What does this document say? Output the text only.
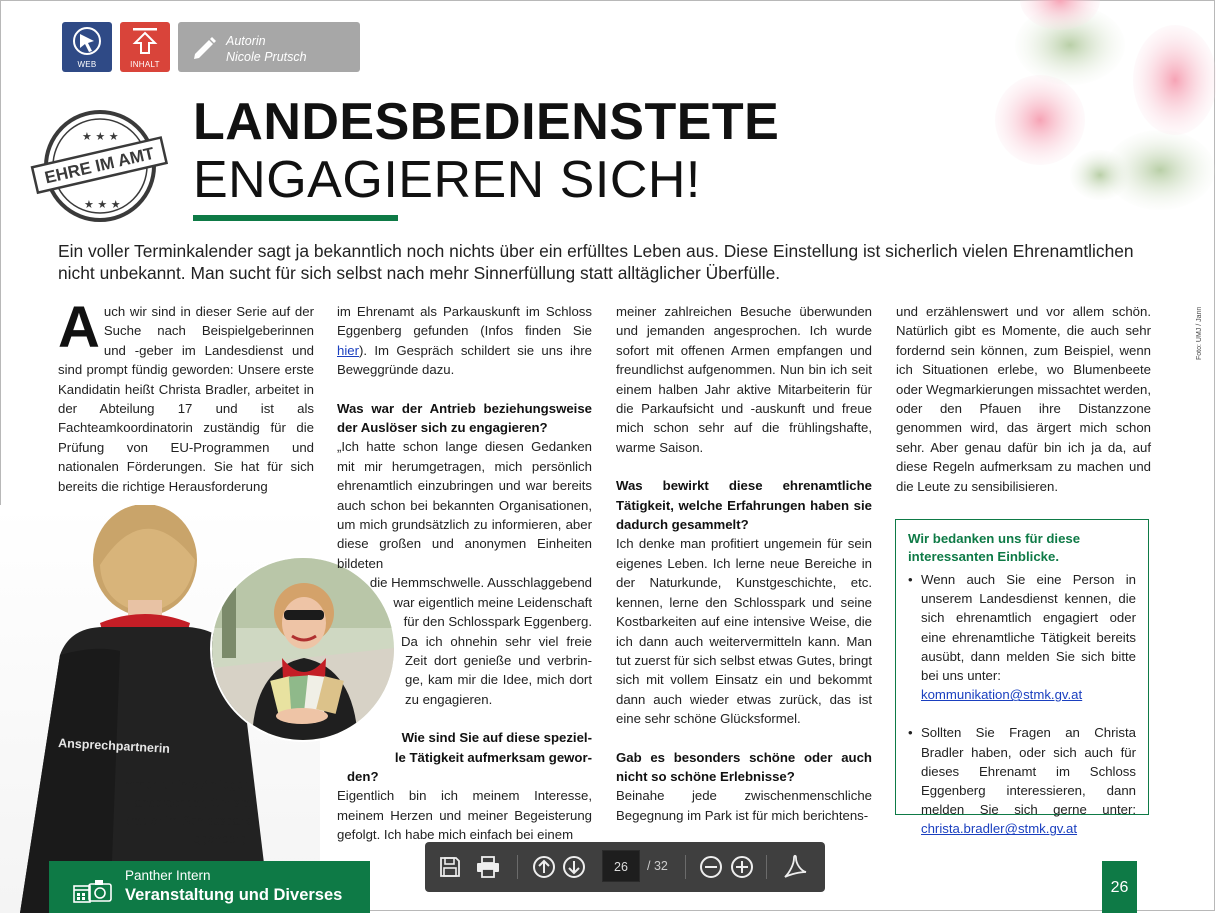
WEB	INHALT
Autorin
Nicole Prutsch
★ ★ ★
★ ★ ★
EHRE IM AMT
LANDESBEDIENSTETE
ENGAGIEREN SICH!
Ein voller Terminkalender sagt ja bekanntlich noch nichts über ein erfülltes Leben aus. Diese Einstellung ist sicherlich vielen Ehrenamtlichen nicht unbekannt. Man sucht für sich selbst nach mehr Sinnerfüllung statt alltäglicher Überfülle.
Foto: UMJ / Jann
A uch wir sind in dieser Serie auf der Suche nach Beispielgeberinnen und -geber im Landesdienst und sind prompt fündig geworden: Unsere erste Kandidatin heißt Christa Bradler, arbeitet in der Abteilung 17 und ist als Fachteamkoordinatorin zuständig für die Prüfung von EU-Programmen und nationalen Förderungen. Sie hat für sich bereits die richtige Herausforderung
Ansprechpartnerin
Immer für ihre Anliegen ansprechbar, Christa Bradler im Schlosspark Eggenberg.

im Ehrenamt als Parkauskunft im Schloss Eggenberg gefunden (Infos finden Sie hier). Im Gespräch schildert sie uns ihre Beweggründe dazu.

Was war der Antrieb beziehungsweise der Auslöser sich zu engagieren?

„Ich hatte schon lange diesen Gedanken mit mir herumgetragen, mich persönlich ehrenamtlich einzubringen und war bereits auch schon bei bekannten Organisationen, um mich grundsätzlich zu informieren, aber diese großen und anonymen Einheiten bildeten

die Hemmschwelle. Ausschlaggebend

war eigentlich meine Leidenschaft

für den Schlosspark Eggenberg.

Da ich ohnehin sehr viel freie

Zeit dort genieße und verbrin-

ge, kam mir die Idee, mich dort

zu engagieren.

Wie sind Sie auf diese speziel-
le Tätigkeit aufmerksam gewor-
den?

Eigentlich bin ich meinem Interesse, meinem Herzen und meiner Begeisterung gefolgt. Ich habe mich einfach bei einem

meiner zahlreichen Besuche überwunden und jemanden angesprochen. Ich wurde sofort mit offenen Armen empfangen und freundlichst aufgenommen. Nun bin ich seit einem halben Jahr aktive Mitarbeiterin für die Parkaufsicht und -auskunft und freue mich schon sehr auf die frühlingshafte, warme Saison.

Was bewirkt diese ehrenamtliche Tätigkeit, welche Erfahrungen haben sie dadurch gesammelt?

Ich denke man profitiert ungemein für sein eigenes Leben. Ich lerne neue Bereiche in der Naturkunde, Kunstgeschichte, etc. kennen, lerne den Schlosspark und seine Kostbarkeiten auf eine intensive Weise, die ich dann auch weitervermitteln kann. Man tut zuerst für sich selbst etwas Gutes, bringt sich mit vollem Einsatz ein und bekommt dann auch wieder etwas zurück, das ist eine sehr schöne Glücksformel.

Gab es besonders schöne oder auch nicht so schöne Erlebnisse?

Beinahe jede zwischenmenschliche Begegnung im Park ist für mich berichtens-

und erzählenswert und vor allem schön. Natürlich gibt es Momente, die auch sehr fordernd sein können, zum Beispiel, wenn ich Situationen erlebe, wo Blumenbeete oder Wegmarkierungen missachtet werden, oder den Pfauen ihre Distanzzone genommen wird, das ärgert mich schon sehr. Aber genau dafür bin ich ja da, auf diese Regeln aufmerksam zu machen und die Leute zu sensibilisieren.

Wir bedanken uns für diese interessanten Einblicke.
• Wenn auch Sie eine Person in unserem Landesdienst kennen, die sich ehrenamtlich engagiert oder eine ehrenamtliche Tätigkeit bereits ausübt, dann melden Sie sich bitte bei uns unter:
kommunikation@stmk.gv.at
• Sollten Sie Fragen an Christa Bradler haben, oder sich auch für dieses Ehrenamt im Schloss Eggenberg interessieren, dann melden Sie sich gerne unter: christa.bradler@stmk.gv.at
Panther Intern
Veranstaltung und Diverses
26	/ 32
26
